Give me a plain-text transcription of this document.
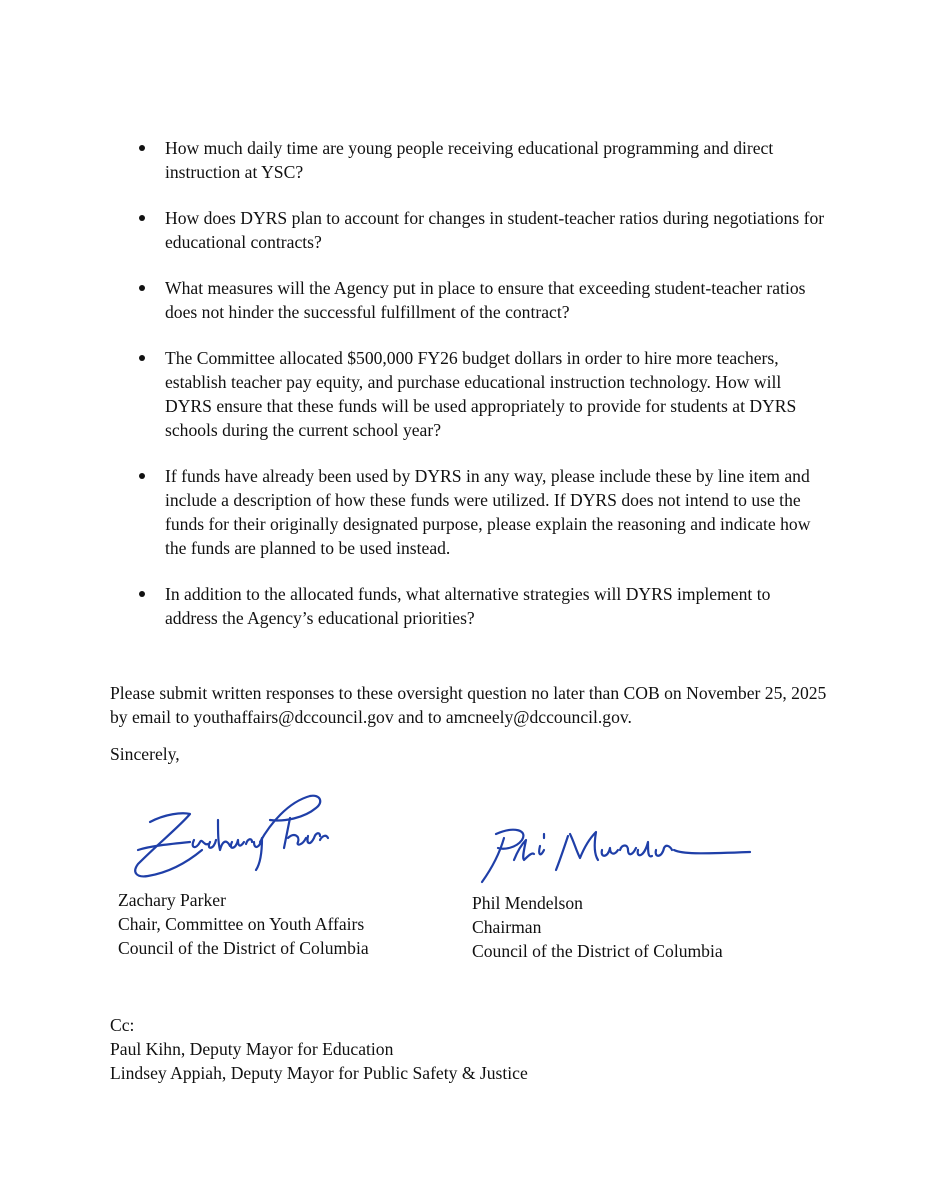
How much daily time are young people receiving educational programming and direct instruction at YSC?
How does DYRS plan to account for changes in student-teacher ratios during negotiations for educational contracts?
What measures will the Agency put in place to ensure that exceeding student-teacher ratios does not hinder the successful fulfillment of the contract?
The Committee allocated $500,000 FY26 budget dollars in order to hire more teachers, establish teacher pay equity, and purchase educational instruction technology. How will DYRS ensure that these funds will be used appropriately to provide for students at DYRS schools during the current school year?
If funds have already been used by DYRS in any way, please include these by line item and include a description of how these funds were utilized. If DYRS does not intend to use the funds for their originally designated purpose, please explain the reasoning and indicate how the funds are planned to be used instead.
In addition to the allocated funds, what alternative strategies will DYRS implement to address the Agency’s educational priorities?

Please submit written responses to these oversight question no later than COB on November 25, 2025 by email to youthaffairs@dccouncil.gov and to amcneely@dccouncil.gov.

Sincerely,

Zachary Parker
Chair, Committee on Youth Affairs
Council of the District of Columbia
Phil Mendelson
Chairman
Council of the District of Columbia
Cc:
Paul Kihn, Deputy Mayor for Education
Lindsey Appiah, Deputy Mayor for Public Safety & Justice
